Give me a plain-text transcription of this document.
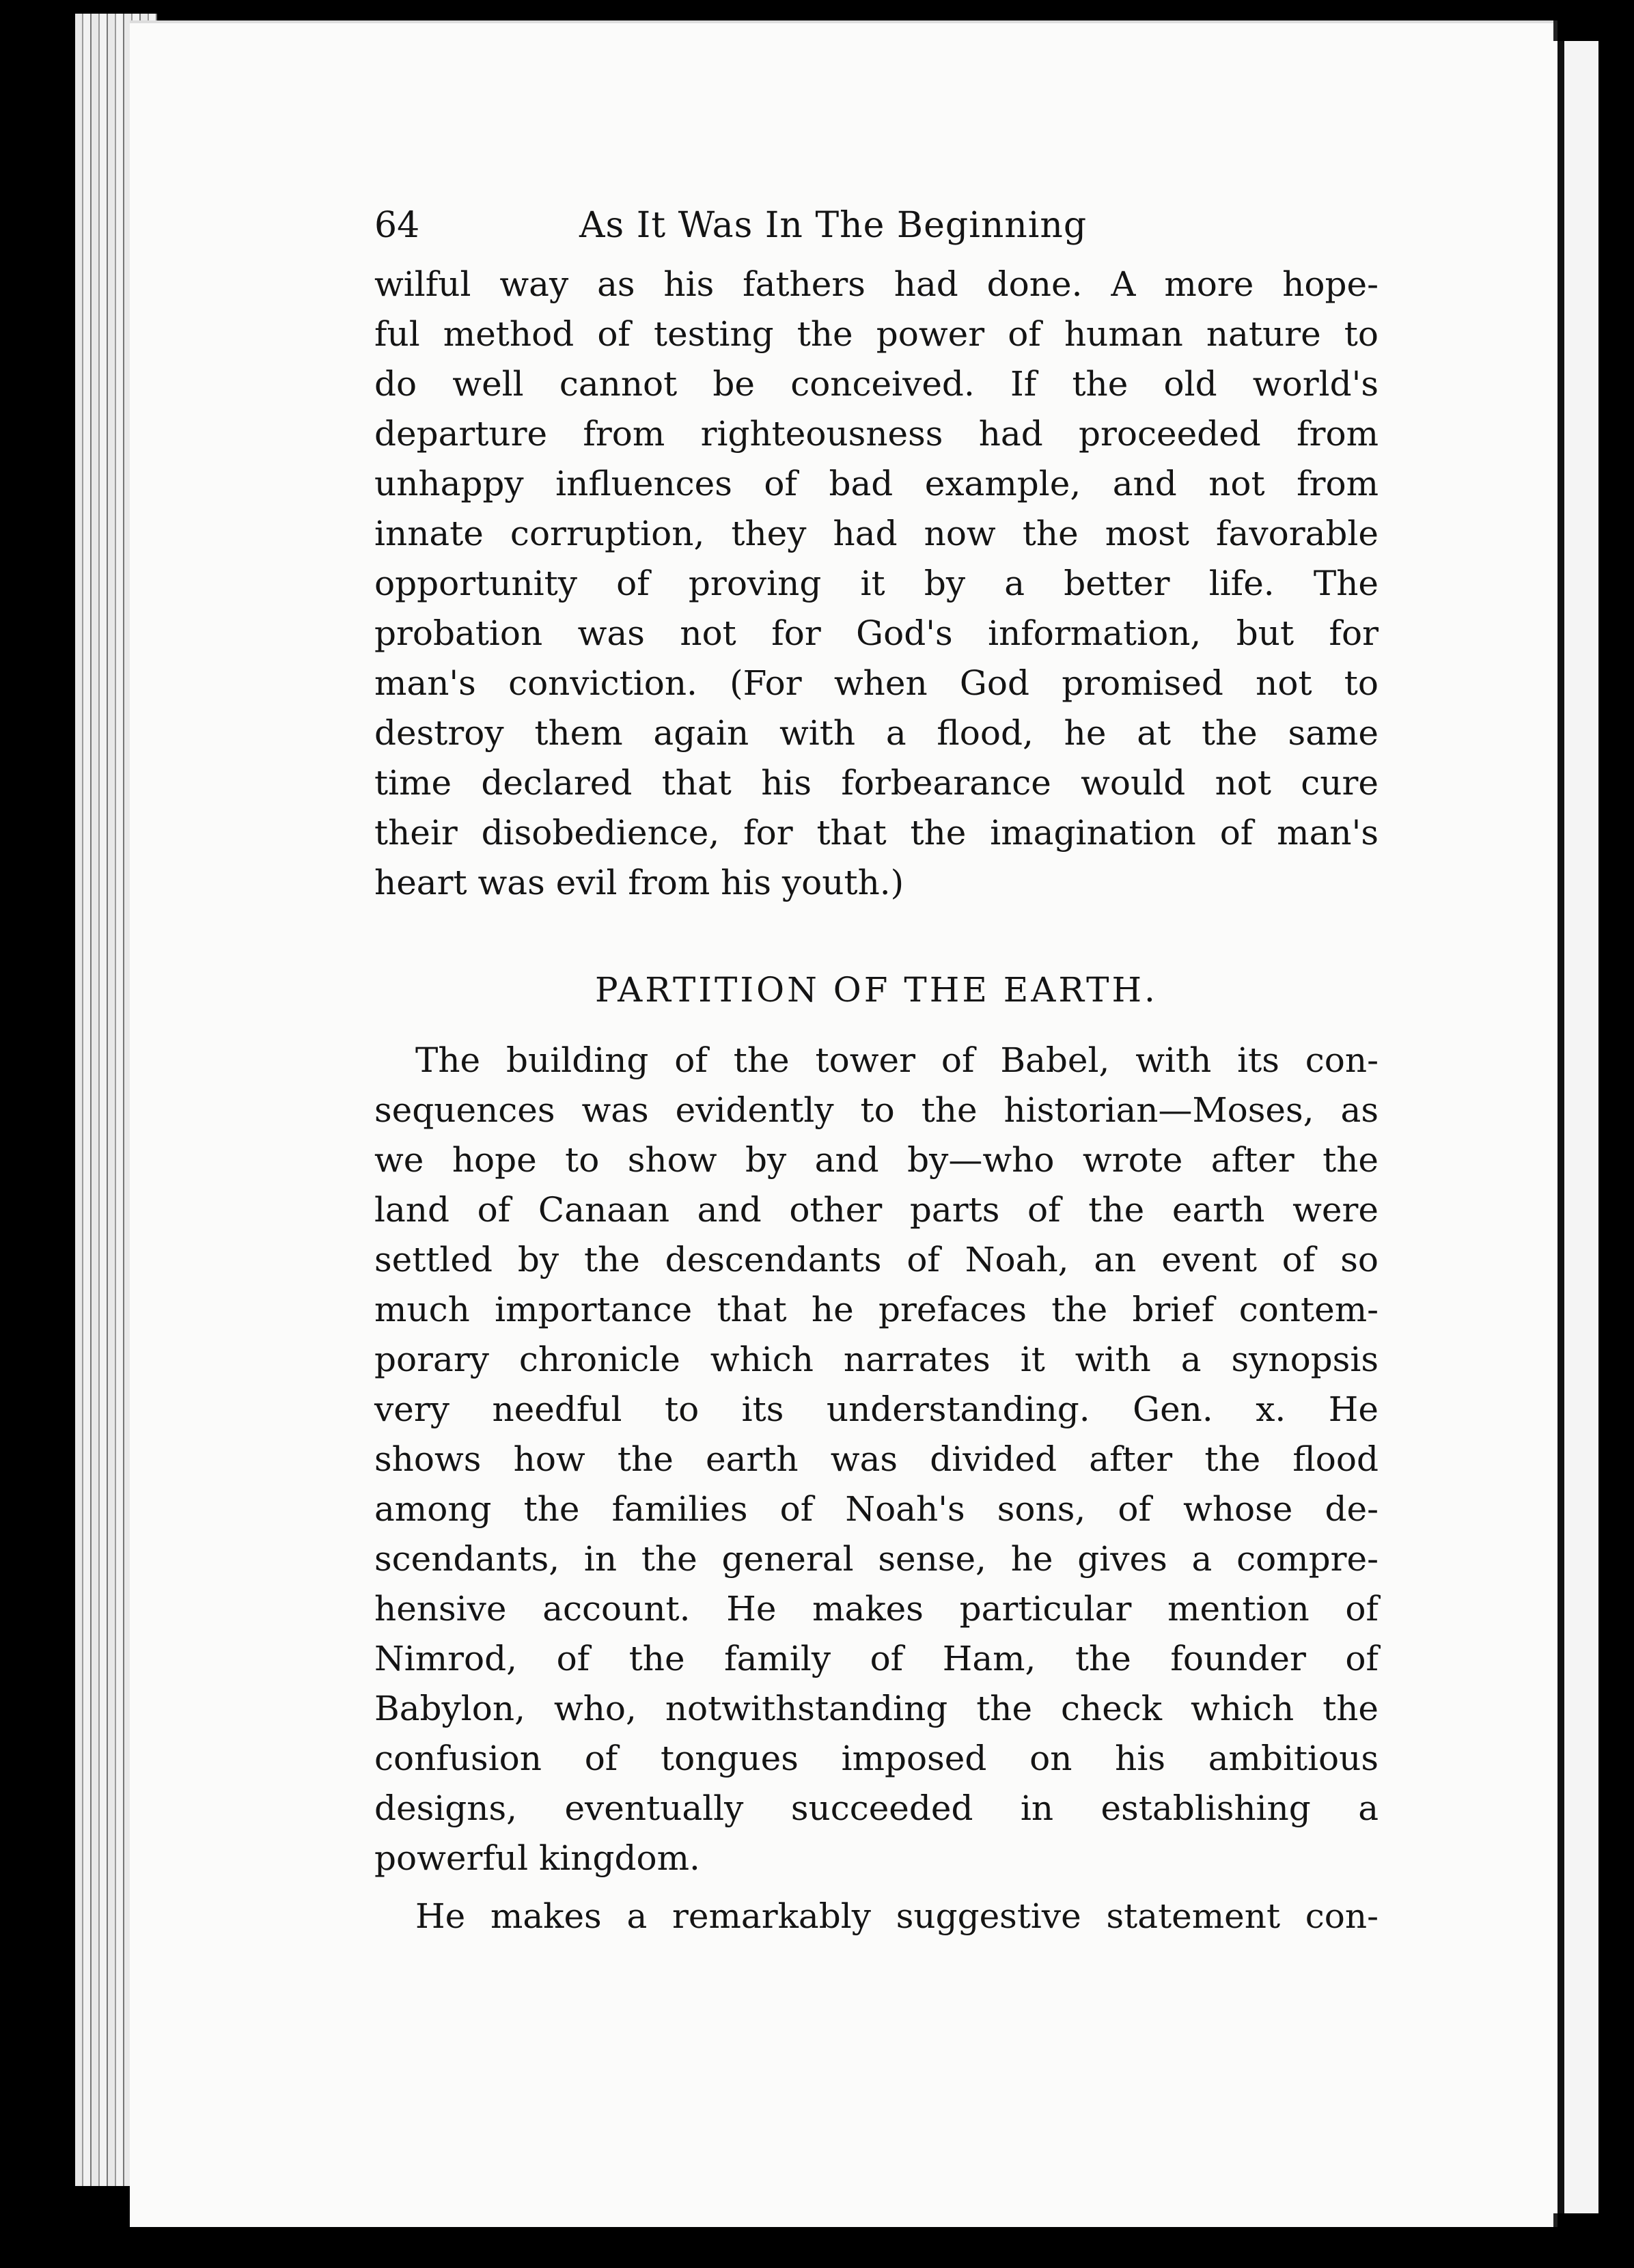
64	As It Was In The Beginning
wilful way as his fathers had done. A more hope-
ful method of testing the power of human nature to
do well cannot be conceived. If the old world's
departure from righteousness had proceeded from
unhappy influences of bad example, and not from
innate corruption, they had now the most favorable
opportunity of proving it by a better life. The
probation was not for God's information, but for
man's conviction. (For when God promised not to
destroy them again with a flood, he at the same
time declared that his forbearance would not cure
their disobedience, for that the imagination of man's
heart was evil from his youth.)
PARTITION OF THE EARTH.
The building of the tower of Babel, with its con-
sequences was evidently to the historian—Moses, as
we hope to show by and by—who wrote after the
land of Canaan and other parts of the earth were
settled by the descendants of Noah, an event of so
much importance that he prefaces the brief contem-
porary chronicle which narrates it with a synopsis
very needful to its understanding. Gen. x. He
shows how the earth was divided after the flood
among the families of Noah's sons, of whose de-
scendants, in the general sense, he gives a compre-
hensive account. He makes particular mention of
Nimrod, of the family of Ham, the founder of
Babylon, who, notwithstanding the check which the
confusion of tongues imposed on his ambitious
designs, eventually succeeded in establishing a
powerful kingdom.
He makes a remarkably suggestive statement con-
